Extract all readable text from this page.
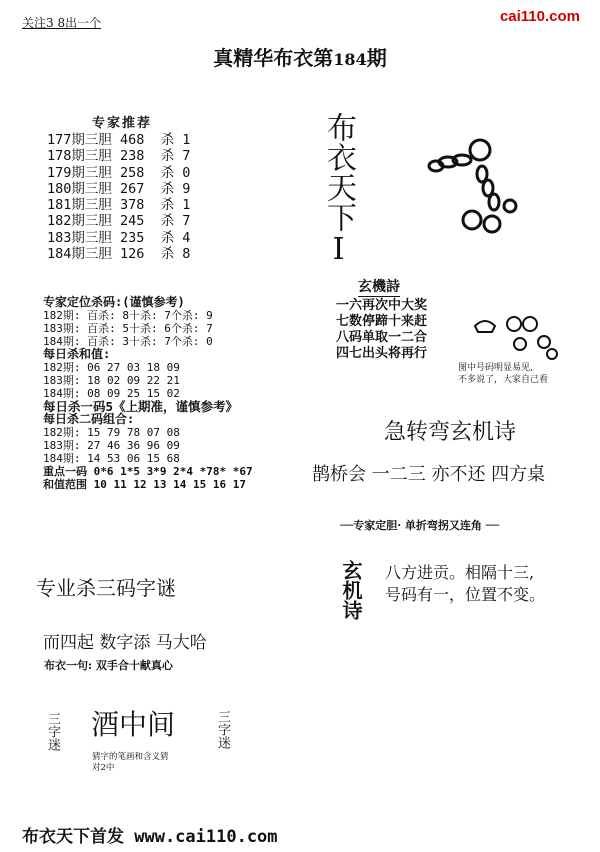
关注3 8出一个	cai110.com
真精华布衣第184期
专家推荐
177期三胆 468  杀 1
178期三胆 238  杀 7
179期三胆 258  杀 0
180期三胆 267  杀 9
181期三胆 378  杀 1
182期三胆 245  杀 7
183期三胆 235  杀 4
184期三胆 126  杀 8
专家定位杀码:(谨慎参考)
182期: 百杀: 8十杀: 7个杀: 9
183期: 百杀: 5十杀: 6个杀: 7
184期: 百杀: 3十杀: 7个杀: 0
每日杀和值:
182期: 06 27 03 18 09
183期: 18 02 09 22 21
184期: 08 09 25 15 02
每日杀一码5《上期准，谨慎参考》
每日杀二码组合:
182期: 15 79 78 07 08
183期: 27 46 36 96 09
184期: 14 53 06 15 68
重点一码 0*6 1*5 3*9 2*4 *78* *67
和值范围 10 11 12 13 14 15 16 17
布衣天下I
玄機詩
一六再次中大奖
七数停蹄十来赶
八码单取一二合
四七出头将再行
图中号码明显易见,
不多说了，大家自己看
急转弯玄机诗
鹊桥会 一二三 亦不还 四方桌
──专家定胆· 单折弯拐又连角 ──
玄机诗 八方进贡。相隔十三,
号码有一，位置不变。
专业杀三码字谜
而四起 数字添 马大哈
布衣一句: 双手合十献真心
三字迷 酒中间
猜字的笔画和含义猜
对2中
三字迷
布衣天下首发 www.cai110.com
